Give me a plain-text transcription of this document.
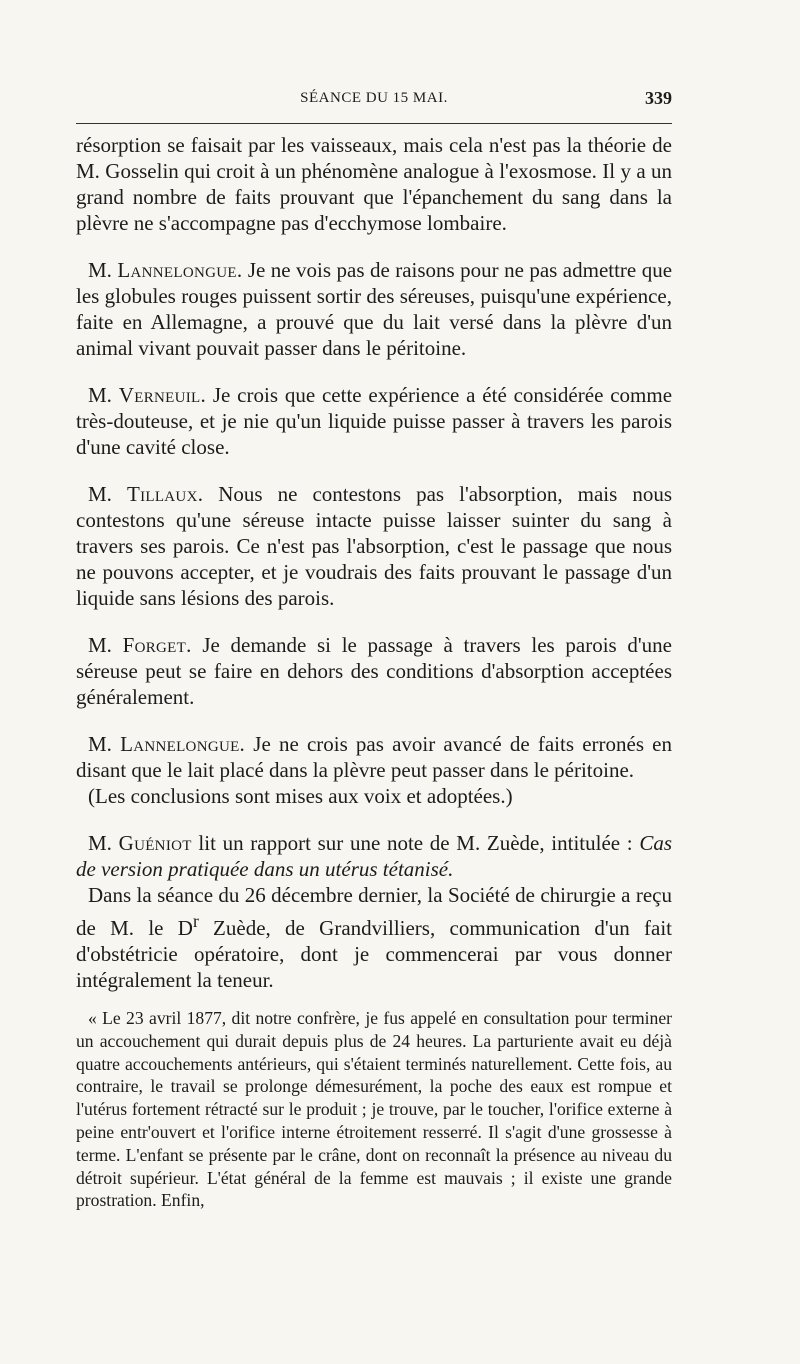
SÉANCE DU 15 MAI.	339

résorption se faisait par les vaisseaux, mais cela n'est pas la théorie de M. Gosselin qui croit à un phénomène analogue à l'exosmose. Il y a un grand nombre de faits prouvant que l'épanchement du sang dans la plèvre ne s'accompagne pas d'ecchymose lombaire.

M. Lannelongue. Je ne vois pas de raisons pour ne pas admettre que les globules rouges puissent sortir des séreuses, puisqu'une expérience, faite en Allemagne, a prouvé que du lait versé dans la plèvre d'un animal vivant pouvait passer dans le péritoine.

M. Verneuil. Je crois que cette expérience a été considérée comme très-douteuse, et je nie qu'un liquide puisse passer à travers les parois d'une cavité close.

M. Tillaux. Nous ne contestons pas l'absorption, mais nous contestons qu'une séreuse intacte puisse laisser suinter du sang à travers ses parois. Ce n'est pas l'absorption, c'est le passage que nous ne pouvons accepter, et je voudrais des faits prouvant le passage d'un liquide sans lésions des parois.

M. Forget. Je demande si le passage à travers les parois d'une séreuse peut se faire en dehors des conditions d'absorption acceptées généralement.

M. Lannelongue. Je ne crois pas avoir avancé de faits erronés en disant que le lait placé dans la plèvre peut passer dans le péritoine.

(Les conclusions sont mises aux voix et adoptées.)

M. Guéniot lit un rapport sur une note de M. Zuède, intitulée : Cas de version pratiquée dans un utérus tétanisé.

Dans la séance du 26 décembre dernier, la Société de chirurgie a reçu de M. le $D^r$ Zuède, de Grandvilliers, communication d'un fait d'obstétricie opératoire, dont je commencerai par vous donner intégralement la teneur.

« Le 23 avril 1877, dit notre confrère, je fus appelé en consultation pour terminer un accouchement qui durait depuis plus de 24 heures. La parturiente avait eu déjà quatre accouchements antérieurs, qui s'étaient terminés naturellement. Cette fois, au contraire, le travail se prolonge démesurément, la poche des eaux est rompue et l'utérus fortement rétracté sur le produit ; je trouve, par le toucher, l'orifice externe à peine entr'ouvert et l'orifice interne étroitement resserré. Il s'agit d'une grossesse à terme. L'enfant se présente par le crâne, dont on reconnaît la présence au niveau du détroit supérieur. L'état général de la femme est mauvais ; il existe une grande prostration. Enfin,
